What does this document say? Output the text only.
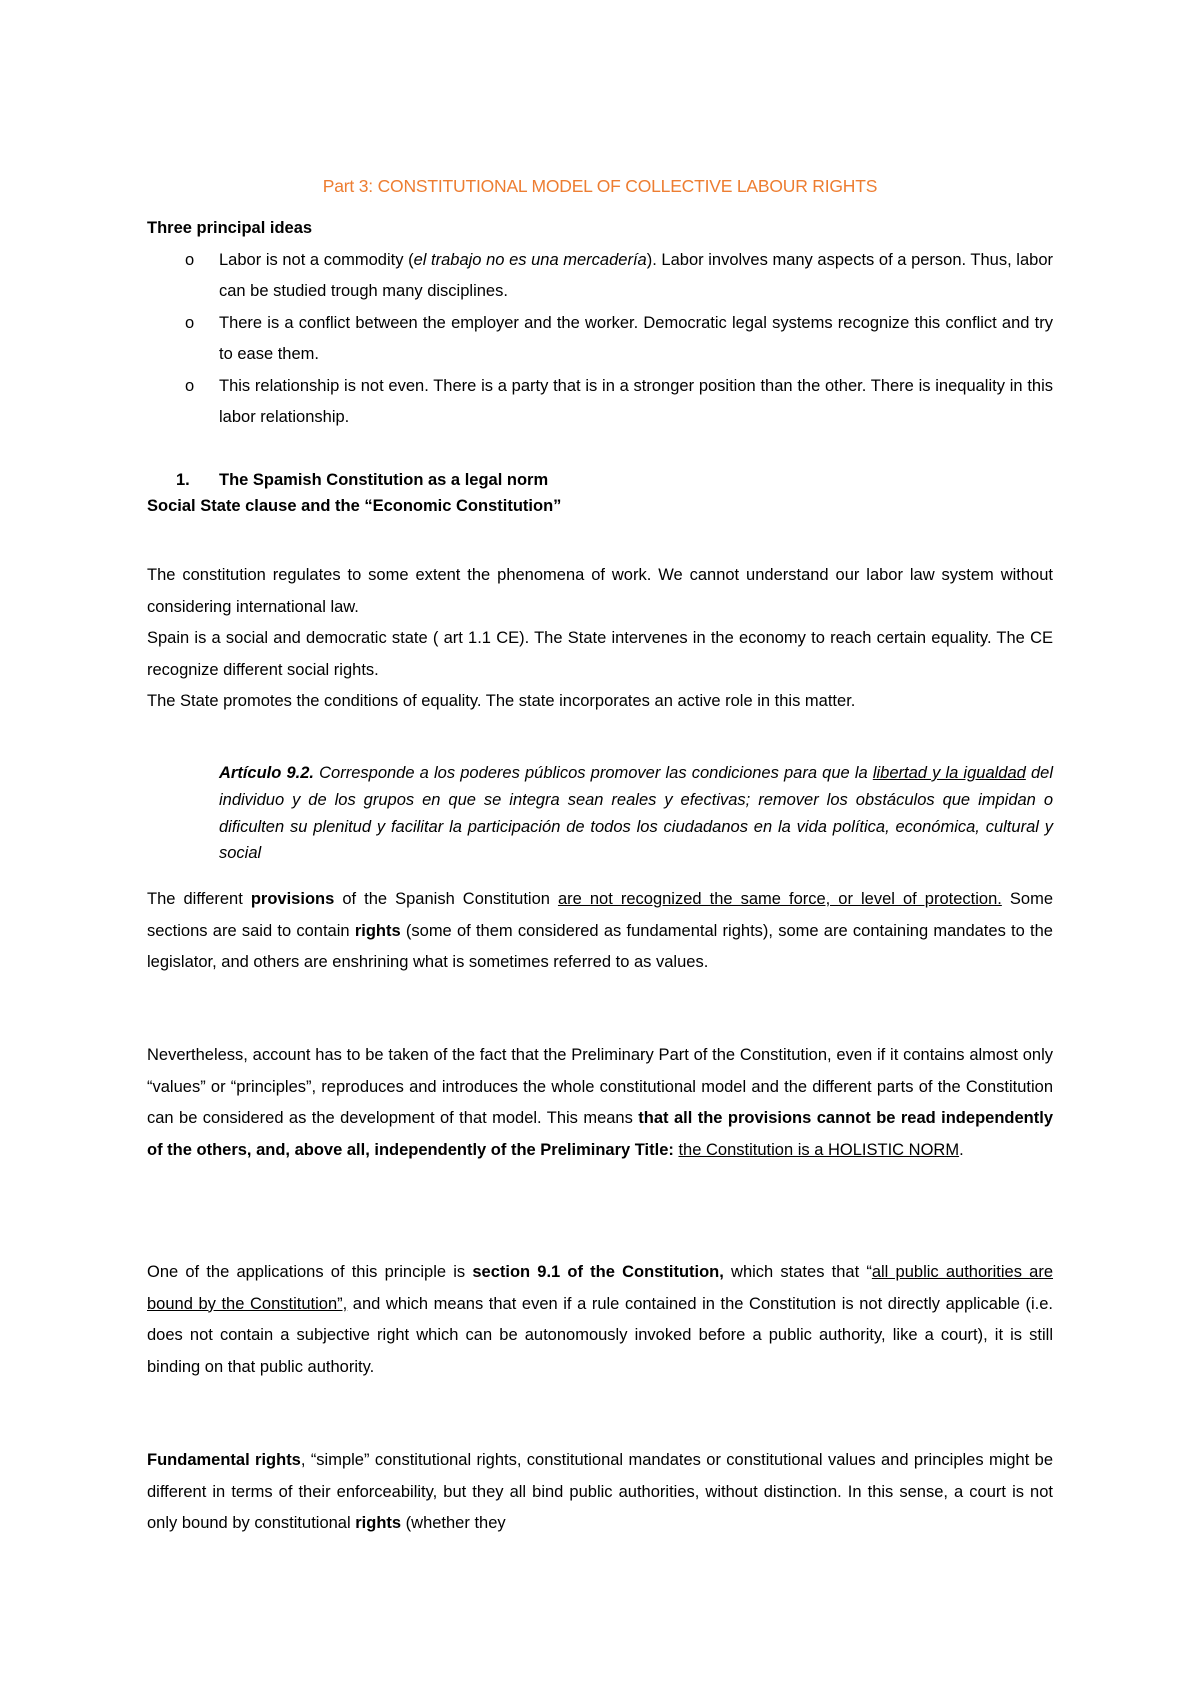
Part 3: CONSTITUTIONAL MODEL OF COLLECTIVE LABOUR RIGHTS

Three principal ideas

o Labor is not a commodity (el trabajo no es una mercadería). Labor involves many aspects of a person. Thus, labor can be studied trough many disciplines.
o There is a conflict between the employer and the worker. Democratic legal systems recognize this conflict and try to ease them.
o This relationship is not even. There is a party that is in a stronger position than the other. There is inequality in this labor relationship.
1. The Spamish Constitution as a legal norm

Social State clause and the “Economic Constitution”

The constitution regulates to some extent the phenomena of work. We cannot understand our labor law system without considering international law.

Spain is a social and democratic state ( art 1.1 CE). The State intervenes in the economy to reach certain equality. The CE recognize different social rights.

The State promotes the conditions of equality. The state incorporates an active role in this matter.

Artículo 9.2. Corresponde a los poderes públicos promover las condiciones para que la libertad y la igualdad del individuo y de los grupos en que se integra sean reales y efectivas; remover los obstáculos que impidan o dificulten su plenitud y facilitar la participación de todos los ciudadanos en la vida política, económica, cultural y social

The different provisions of the Spanish Constitution are not recognized the same force, or level of protection. Some sections are said to contain rights (some of them considered as fundamental rights), some are containing mandates to the legislator, and others are enshrining what is sometimes referred to as values.

Nevertheless, account has to be taken of the fact that the Preliminary Part of the Constitution, even if it contains almost only “values” or “principles”, reproduces and introduces the whole constitutional model and the different parts of the Constitution can be considered as the development of that model. This means that all the provisions cannot be read independently of the others, and, above all, independently of the Preliminary Title: the Constitution is a HOLISTIC NORM.

One of the applications of this principle is section 9.1 of the Constitution, which states that “all public authorities are bound by the Constitution”, and which means that even if a rule contained in the Constitution is not directly applicable (i.e. does not contain a subjective right which can be autonomously invoked before a public authority, like a court), it is still binding on that public authority.

Fundamental rights, “simple” constitutional rights, constitutional mandates or constitutional values and principles might be different in terms of their enforceability, but they all bind public authorities, without distinction. In this sense, a court is not only bound by constitutional rights (whether they
